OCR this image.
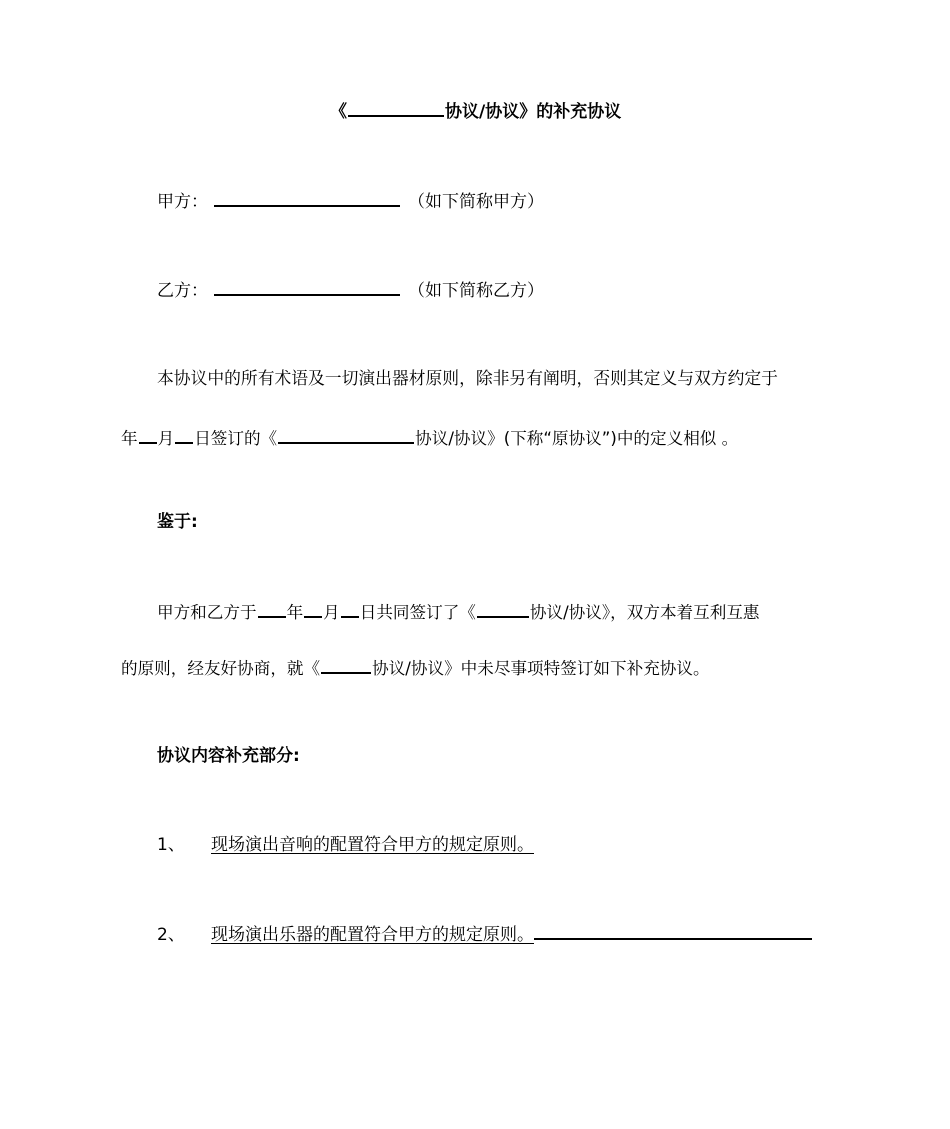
《	协议/协议》的补充协议
甲方：	（如下简称甲方）
乙方：	（如下简称乙方）
本协议中的所有术语及一切演出器材原则，除非另有阐明，否则其定义与双方约定于
年 月 日签订的《	协议/协议》(下称“原协议”)中的定义相似 。
鉴于:
甲方和乙方于 年 月 日共同签订了《	协议/协议》，双方本着互利互惠
的原则，经友好协商，就《	协议/协议》中未尽事项特签订如下补充协议。
协议内容补充部分:
1、 现场演出音响的配置符合甲方的规定原则。
2、 现场演出乐器的配置符合甲方的规定原则。
